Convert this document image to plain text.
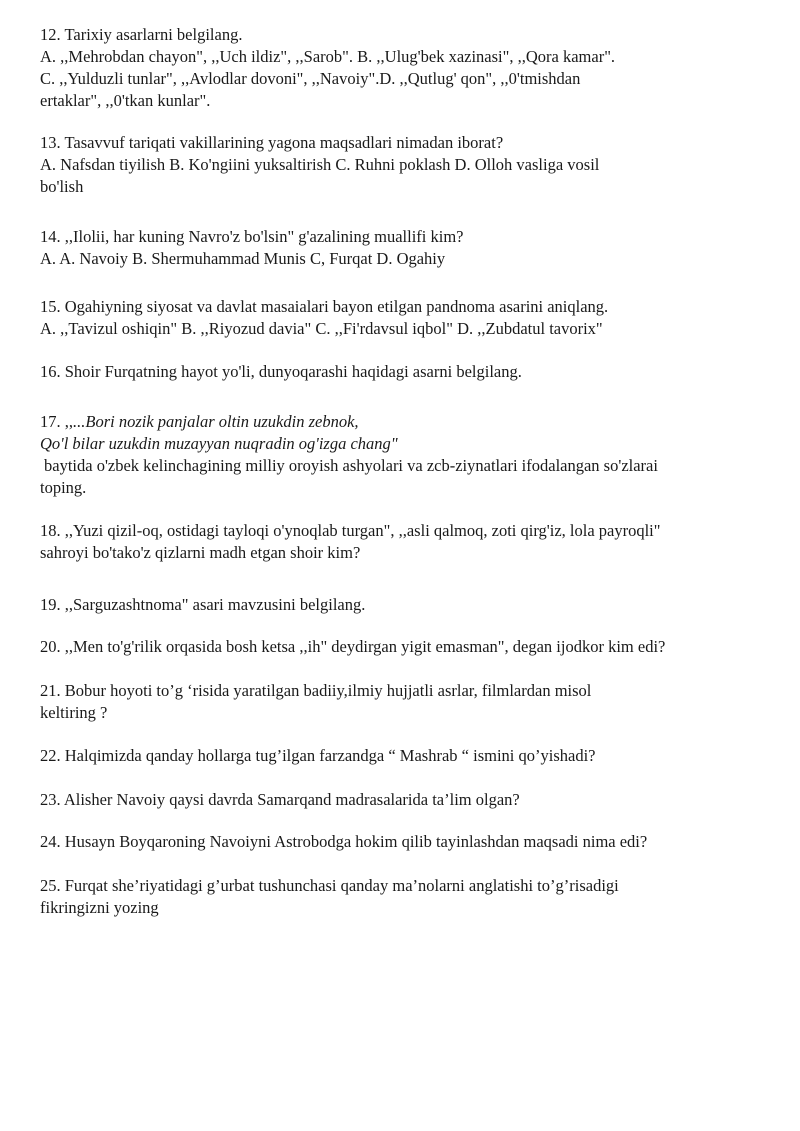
12. Tarixiy asarlarni belgilang.
A. ,,Mehrobdan chayon", ,,Uch ildiz", ,,Sarob". B. ,,Ulug'bek xazinasi", ,,Qora kamar".
C. ,,Yulduzli tunlar", ,,Avlodlar dovoni", ,,Navoiy".D. ,,Qutlug' qon", ,,0'tmishdan
ertaklar", ,,0'tkan kunlar".
13. Tasavvuf tariqati vakillarining yagona maqsadlari nimadan iborat?
A. Nafsdan tiyilish B. Ko'ngiini yuksaltirish C. Ruhni poklash D. Olloh vasliga vosil
bo'lish
14. ,,Ilolii, har kuning Navro'z bo'lsin" g'azalining muallifi kim?
A. A. Navoiy B. Shermuhammad Munis C, Furqat D. Ogahiy
15. Ogahiyning siyosat va davlat masaialari bayon etilgan pandnoma asarini aniqlang.
A. ,,Tavizul oshiqin" B. ,,Riyozud davia" C. ,,Fi'rdavsul iqbol" D. ,,Zubdatul tavorix"
16. Shoir Furqatning hayot yo'li, dunyoqarashi haqidagi asarni belgilang.
17. ,,...Bori nozik panjalar oltin uzukdin zebnok,
Qo'l bilar uzukdin muzayyan nuqradin og'izga chang"
baytida o'zbek kelinchagining milliy oroyish ashyolari va zcb-ziynatlari ifodalangan so'zlarai
toping.
18. ,,Yuzi qizil-oq, ostidagi tayloqi o'ynoqlab turgan", ,,asli qalmoq, zoti qirg'iz, lola payroqli"
sahroyi bo'tako'z qizlarni madh etgan shoir kim?
19. ,,Sarguzashtnoma" asari mavzusini belgilang.
20. ,,Men to'g'rilik orqasida bosh ketsa ,,ih" deydirgan yigit emasman", degan ijodkor kim edi?
21. Bobur hoyoti to’g ‘risida yaratilgan badiiy,ilmiy hujjatli asrlar, filmlardan misol
keltiring ?
22. Halqimizda qanday hollarga tug’ilgan farzandga “ Mashrab “ ismini qo’yishadi?
23. Alisher Navoiy qaysi davrda Samarqand madrasalarida ta’lim olgan?
24. Husayn Boyqaroning Navoiyni Astrobodga hokim qilib tayinlashdan maqsadi nima edi?
25. Furqat she’riyatidagi g’urbat tushunchasi qanday ma’nolarni anglatishi to’g’risadigi
fikringizni yozing
